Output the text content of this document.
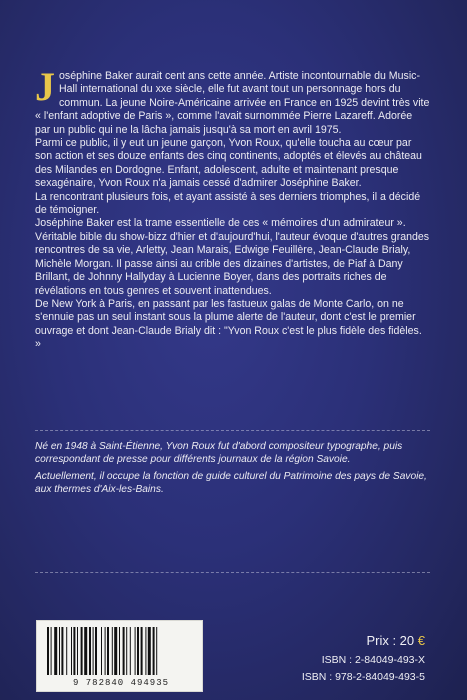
Joséphine Baker aurait cent ans cette année. Artiste incontournable du Music-Hall international du xxe siècle, elle fut avant tout un personnage hors du commun. La jeune Noire-Américaine arrivée en France en 1925 devint très vite « l'enfant adoptive de Paris », comme l'avait surnommée Pierre Lazareff. Adorée par un public qui ne la lâcha jamais jusqu'à sa mort en avril 1975.

Parmi ce public, il y eut un jeune garçon, Yvon Roux, qu'elle toucha au cœur par son action et ses douze enfants des cinq continents, adoptés et élevés au château des Milandes en Dordogne. Enfant, adolescent, adulte et maintenant presque sexagénaire, Yvon Roux n'a jamais cessé d'admirer Joséphine Baker.

La rencontrant plusieurs fois, et ayant assisté à ses derniers triomphes, il a décidé de témoigner.

Joséphine Baker est la trame essentielle de ces « mémoires d'un admirateur ».

Véritable bible du show-bizz d'hier et d'aujourd'hui, l'auteur évoque d'autres grandes rencontres de sa vie, Arletty, Jean Marais, Edwige Feuillère, Jean-Claude Brialy, Michèle Morgan. Il passe ainsi au crible des dizaines d'artistes, de Piaf à Dany Brillant, de Johnny Hallyday à Lucienne Boyer, dans des portraits riches de révélations en tous genres et souvent inattendues.

De New York à Paris, en passant par les fastueux galas de Monte Carlo, on ne s'ennuie pas un seul instant sous la plume alerte de l'auteur, dont c'est le premier ouvrage et dont Jean-Claude Brialy dit : "Yvon Roux c'est le plus fidèle des fidèles. »

Né en 1948 à Saint-Étienne, Yvon Roux fut d'abord compositeur typographe, puis correspondant de presse pour différents journaux de la région Savoie.

Actuellement, il occupe la fonction de guide culturel du Patrimoine des pays de Savoie, aux thermes d'Aix-les-Bains.

9 782840 494935
Prix : 20 €
ISBN : 2-84049-493-X
ISBN : 978-2-84049-493-5
